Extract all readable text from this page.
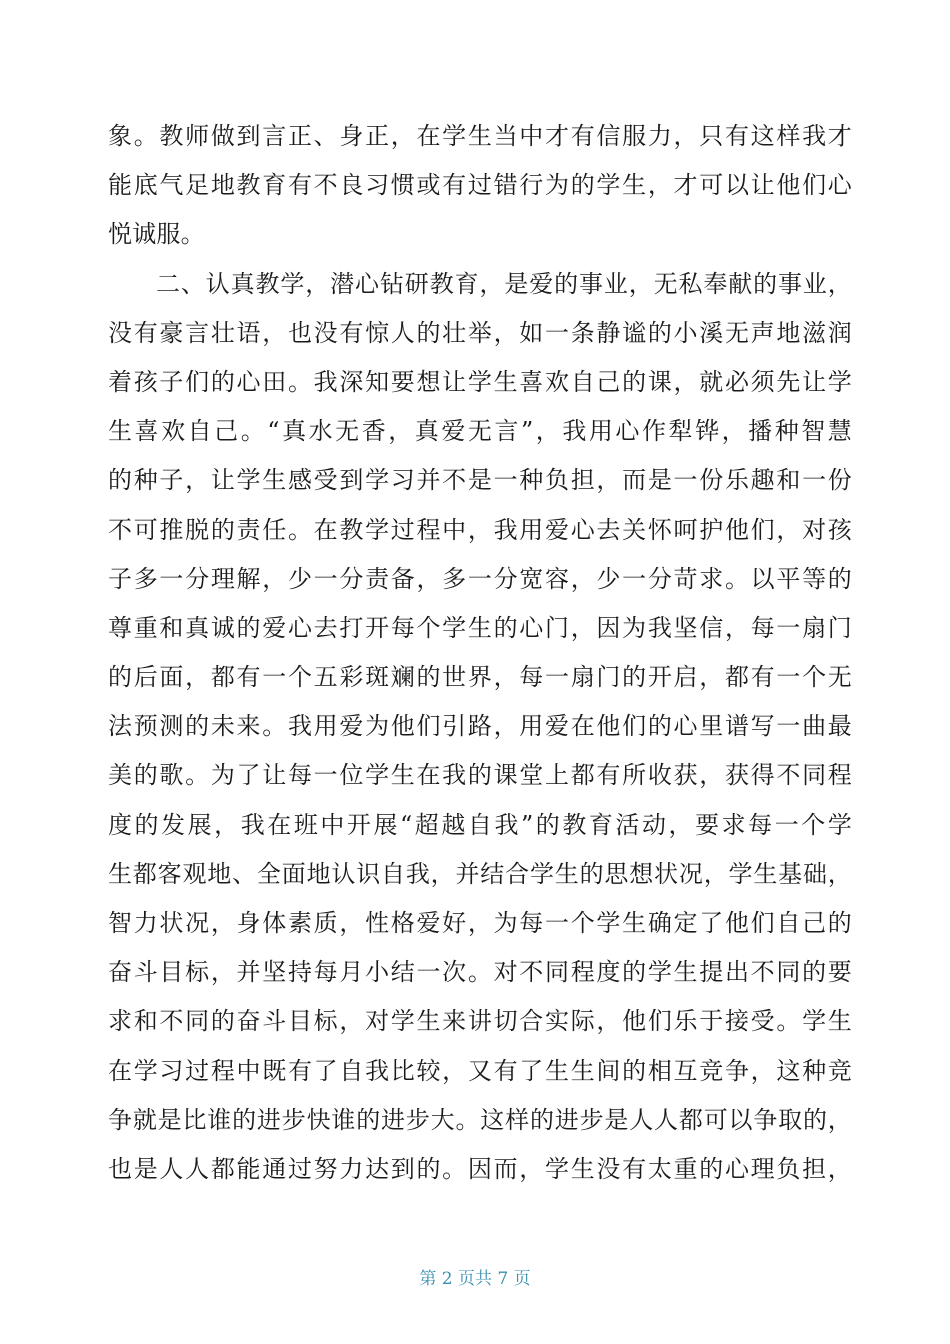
象。教师做到言正、身正，在学生当中才有信服力，只有这样我才
能底气足地教育有不良习惯或有过错行为的学生，才可以让他们心
悦诚服。
二、认真教学，潜心钻研教育，是爱的事业，无私奉献的事业，
没有豪言壮语，也没有惊人的壮举，如一条静谧的小溪无声地滋润
着孩子们的心田。我深知要想让学生喜欢自己的课，就必须先让学
生喜欢自己。“真水无香，真爱无言”，我用心作犁铧，播种智慧
的种子，让学生感受到学习并不是一种负担，而是一份乐趣和一份
不可推脱的责任。在教学过程中，我用爱心去关怀呵护他们，对孩
子多一分理解，少一分责备，多一分宽容，少一分苛求。以平等的
尊重和真诚的爱心去打开每个学生的心门，因为我坚信，每一扇门
的后面，都有一个五彩斑斓的世界，每一扇门的开启，都有一个无
法预测的未来。我用爱为他们引路，用爱在他们的心里谱写一曲最
美的歌。为了让每一位学生在我的课堂上都有所收获，获得不同程
度的发展，我在班中开展“超越自我”的教育活动，要求每一个学
生都客观地、全面地认识自我，并结合学生的思想状况，学生基础，
智力状况，身体素质，性格爱好，为每一个学生确定了他们自己的
奋斗目标，并坚持每月小结一次。对不同程度的学生提出不同的要
求和不同的奋斗目标，对学生来讲切合实际，他们乐于接受。学生
在学习过程中既有了自我比较，又有了生生间的相互竞争，这种竞
争就是比谁的进步快谁的进步大。这样的进步是人人都可以争取的，
也是人人都能通过努力达到的。因而，学生没有太重的心理负担，
第 2 页共 7 页
